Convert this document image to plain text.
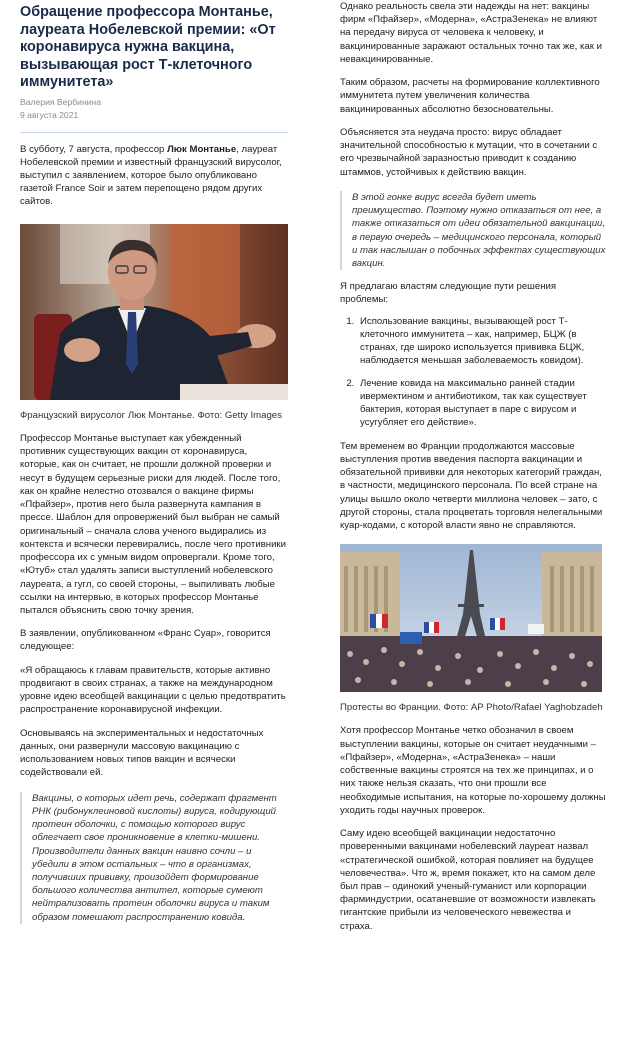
Обращение профессора Монтанье, лауреата Нобелевской премии: «От коронавируса нужна вакцина, вызывающая рост Т-клеточного иммунитета»
Валерия Вербинина
9 августа 2021

В субботу, 7 августа, профессор Люк Монтанье, лауреат Нобелевской премии и известный французский вирусолог, выступил с заявлением, которое было опубликовано газетой France Soir и затем перепощено рядом других сайтов.

Французский вирусолог Люк Монтанье. Фото: Getty Images

Профессор Монтанье выступает как убежденный противник существующих вакцин от коронавируса, которые, как он считает, не прошли должной проверки и несут в будущем серьезные риски для людей. После того, как он крайне нелестно отозвался о вакцине фирмы «Пфайзер», против него была развернута кампания в прессе. Шаблон для опровержений был выбран не самый оригинальный – сначала слова ученого выдирались из контекста и всячески перевирались, после чего противники профессора их с умным видом опровергали. Кроме того, «Ютуб» стал удалять записи выступлений нобелевского лауреата, а гугл, со своей стороны, – выпиливать любые ссылки на интервью, в которых профессор Монтанье пытался объяснить свою точку зрения.

В заявлении, опубликованном «Франс Суар», говорится следующее:

«Я обращаюсь к главам правительств, которые активно продвигают в своих странах, а также на международном уровне идею всеобщей вакцинации с целью предотвратить распространение коронавирусной инфекции.

Основываясь на экспериментальных и недостаточных данных, они развернули массовую вакцинацию с использованием новых типов вакцин и всячески содействовали ей.

Вакцины, о которых идет речь, содержат фрагмент РНК (рибонуклеиновой кислоты) вируса, кодирующий протеин оболочки, с помощью которого вирус облегчает свое проникновение в клетки-мишени. Производители данных вакцин наивно сочли – и убедили в этом остальных – что в организмах, получивших прививку, произойдет формирование большого количества антител, которые сумеют нейтрализовать протеин оболочки вируса и таким образом помешают распространению ковида.

Однако реальность свела эти надежды на нет: вакцины фирм «Пфайзер», «Модерна», «АстраЗенека» не влияют на передачу вируса от человека к человеку, и вакцинированные заражают остальных точно так же, как и невакцинированные.

Таким образом, расчеты на формирование коллективного иммунитета путем увеличения количества вакцинированных абсолютно безосновательны.

Объясняется эта неудача просто: вирус обладает значительной способностью к мутации, что в сочетании с его чрезвычайной заразностью приводит к созданию штаммов, устойчивых к действию вакцин.

В этой гонке вирус всегда будет иметь преимущество. Поэтому нужно отказаться от нее, а также отказаться от идеи обязательной вакцинации, в первую очередь – медицинского персонала, который и так наслышан о побочных эффектах существующих вакцин.

Я предлагаю властям следующие пути решения проблемы:

1. Использование вакцины, вызывающей рост Т-клеточного иммунитета – как, например, БЦЖ (в странах, где широко используется прививка БЦЖ, наблюдается меньшая заболеваемость ковидом).
2. Лечение ковида на максимально ранней стадии ивермектином и антибиотиком, так как существует бактерия, которая выступает в паре с вирусом и усугубляет его действие».

Тем временем во Франции продолжаются массовые выступления против введения паспорта вакцинации и обязательной прививки для некоторых категорий граждан, в частности, медицинского персонала. По всей стране на улицы вышло около четверти миллиона человек – зато, с другой стороны, стала процветать торговля нелегальными куар-кодами, с которой власти явно не справляются.

Протесты во Франции. Фото: AP Photo/Rafael Yaghobzadeh

Хотя профессор Монтанье четко обозначил в своем выступлении вакцины, которые он считает неудачными – «Пфайзер», «Модерна», «АстраЗенека» – наши собственные вакцины строятся на тех же принципах, и о них также нельзя сказать, что они прошли все необходимые испытания, на которые по-хорошему должны уходить годы научных проверок.

Саму идею всеобщей вакцинации недостаточно проверенными вакцинами нобелевский лауреат назвал «стратегической ошибкой, которая повлияет на будущее человечества». Что ж, время покажет, кто на самом деле был прав – одинокий ученый-гуманист или корпорации фарминдустрии, осатаневшие от возможности извлекать гигантские прибыли из человеческого невежества и страха.
